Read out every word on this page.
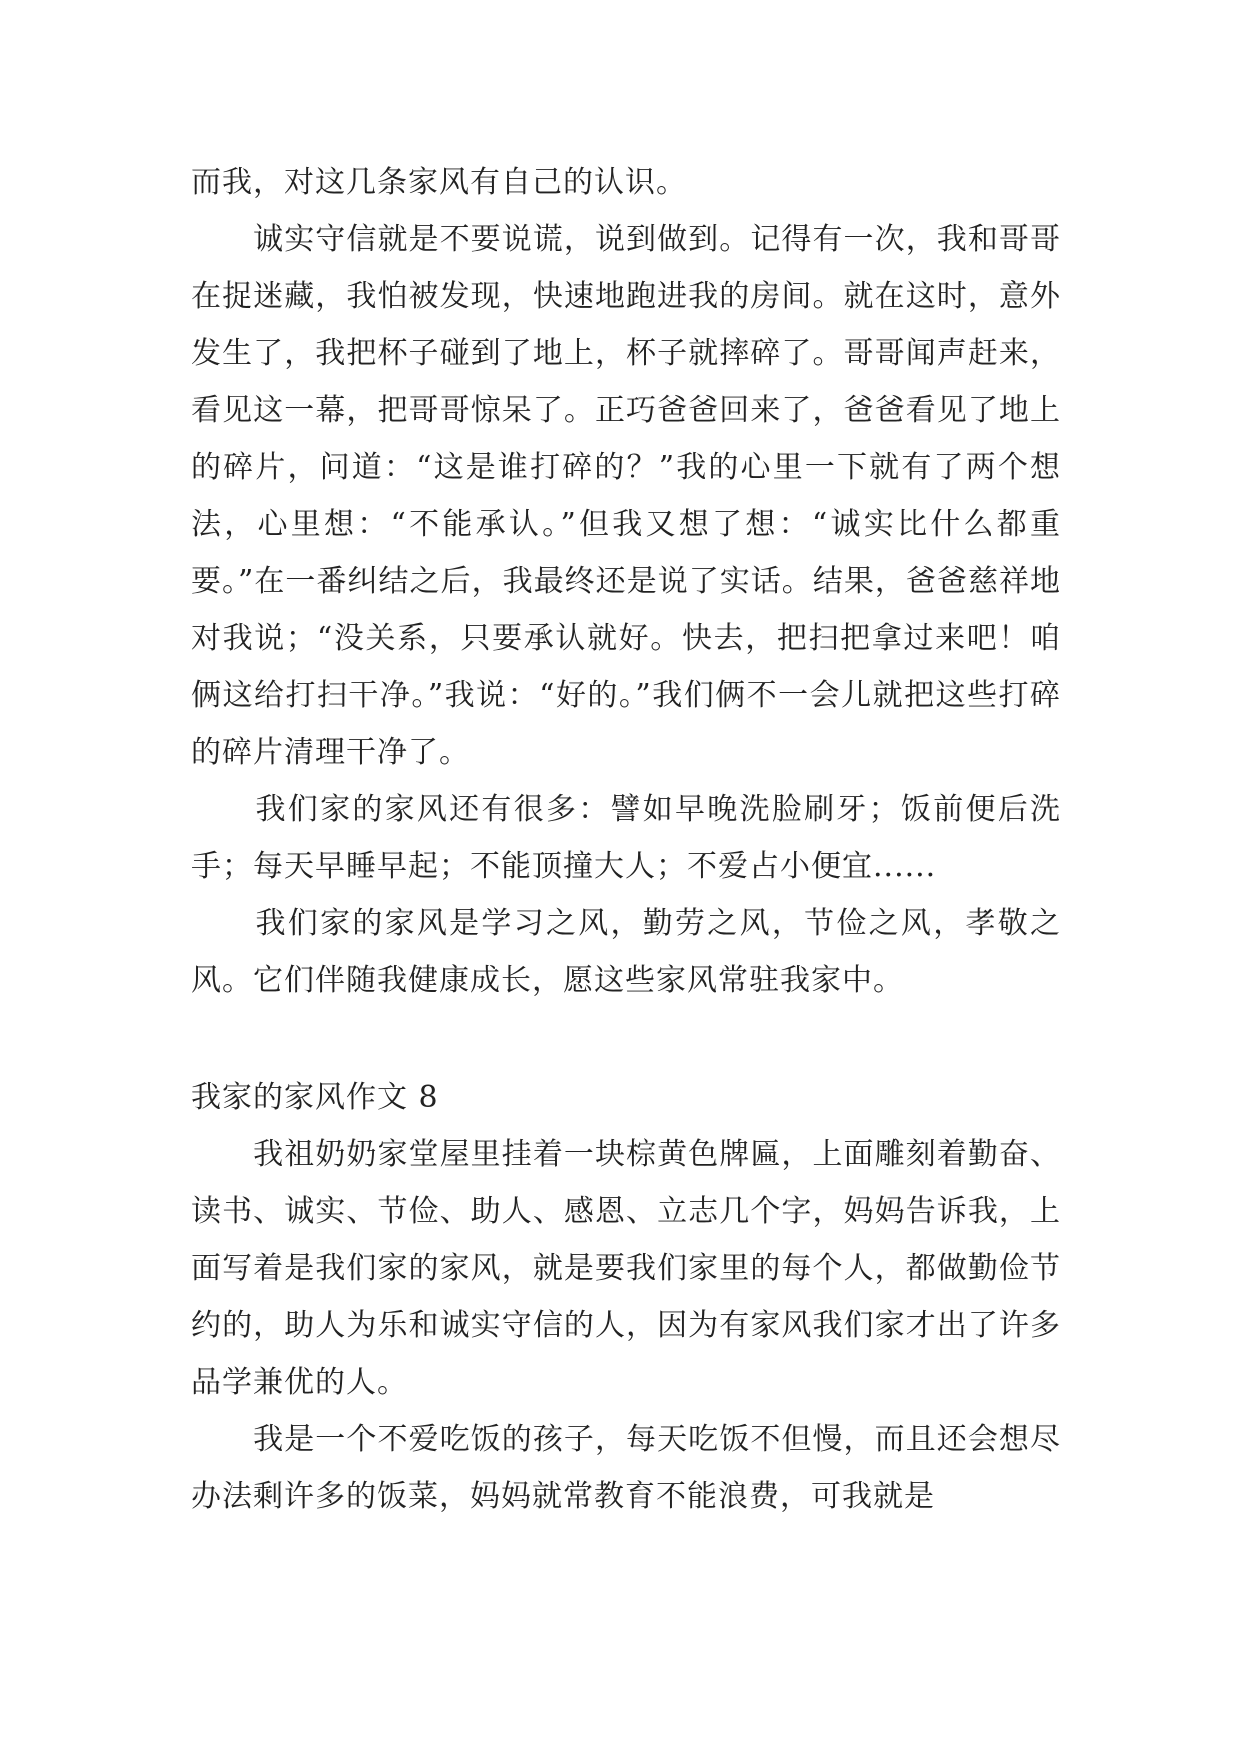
而我，对这几条家风有自己的认识。

　　诚实守信就是不要说谎，说到做到。记得有一次，我和哥哥在捉迷藏，我怕被发现，快速地跑进我的房间。就在这时，意外发生了，我把杯子碰到了地上，杯子就摔碎了。哥哥闻声赶来，看见这一幕，把哥哥惊呆了。正巧爸爸回来了，爸爸看见了地上的碎片，问道：“这是谁打碎的？”我的心里一下就有了两个想法，心里想：“不能承认。”但我又想了想：“诚实比什么都重要。”在一番纠结之后，我最终还是说了实话。结果，爸爸慈祥地对我说；“没关系，只要承认就好。快去，把扫把拿过来吧！咱俩这给打扫干净。”我说：“好的。”我们俩不一会儿就把这些打碎的碎片清理干净了。

　　我们家的家风还有很多：譬如早晚洗脸刷牙；饭前便后洗手；每天早睡早起；不能顶撞大人；不爱占小便宜......

　　我们家的家风是学习之风，勤劳之风，节俭之风，孝敬之风。它们伴随我健康成长，愿这些家风常驻我家中。

我家的家风作文 8

　　我祖奶奶家堂屋里挂着一块棕黄色牌匾，上面雕刻着勤奋、读书、诚实、节俭、助人、感恩、立志几个字，妈妈告诉我，上面写着是我们家的家风，就是要我们家里的每个人，都做勤俭节约的，助人为乐和诚实守信的人，因为有家风我们家才出了许多品学兼优的人。

　　我是一个不爱吃饭的孩子，每天吃饭不但慢，而且还会想尽办法剩许多的饭菜，妈妈就常教育不能浪费，可我就是
